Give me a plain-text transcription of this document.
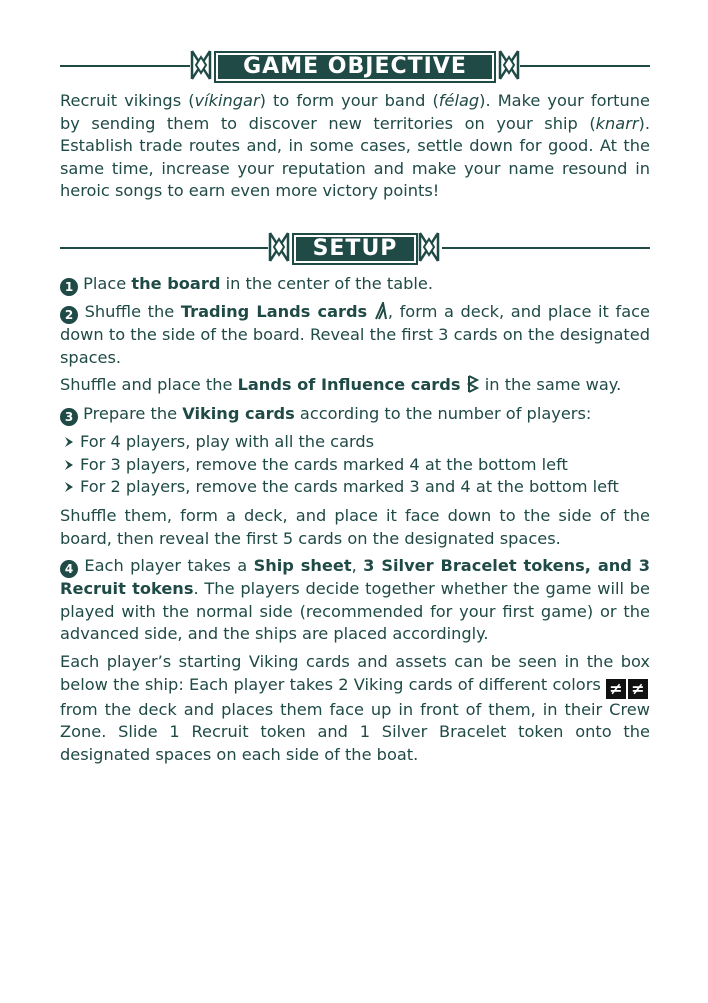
GAME OBJECTIVE

Recruit vikings (víkingar) to form your band (félag). Make your fortune by sending them to discover new territories on your ship (knarr). Establish trade routes and, in some cases, settle down for good. At the same time, increase your reputation and make your name resound in heroic songs to earn even more victory points!

SETUP

1 Place the board in the center of the table.

2 Shuffle the Trading Lands cards , form a deck, and place it face down to the side of the board. Reveal the first 3 cards on the designated spaces.

Shuffle and place the Lands of Influence cards  in the same way.

3 Prepare the Viking cards according to the number of players:

For 4 players, play with all the cards
For 3 players, remove the cards marked 4 at the bottom left
For 2 players, remove the cards marked 3 and 4 at the bottom left

Shuffle them, form a deck, and place it face down to the side of the board, then reveal the first 5 cards on the designated spaces.

4 Each player takes a Ship sheet, 3 Silver Bracelet tokens, and 3 Recruit tokens. The players decide together whether the game will be played with the normal side (recommended for your first game) or the advanced side, and the ships are placed accordingly.

Each player’s starting Viking cards and assets can be seen in the box below the ship: Each player takes 2 Viking cards of different colors ≠ ≠ from the deck and places them face up in front of them, in their Crew Zone. Slide 1 Recruit token and 1 Silver Bracelet token onto the designated spaces on each side of the boat.
